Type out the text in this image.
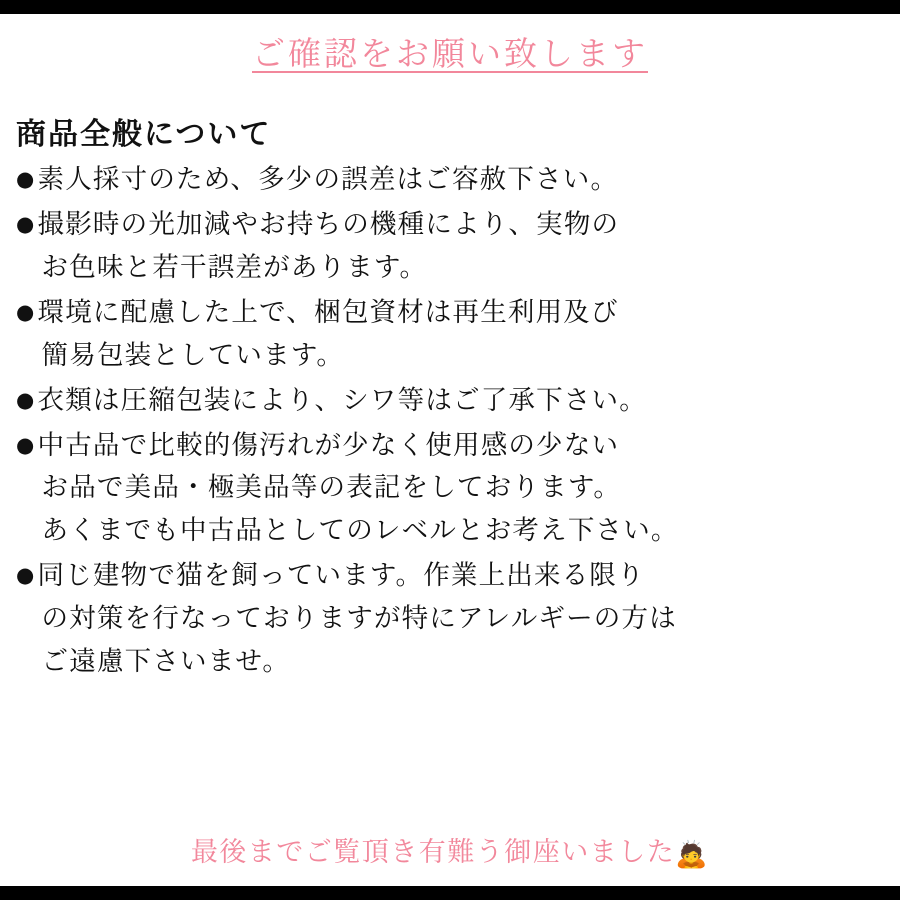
ご確認をお願い致します
商品全般について
● 素人採寸のため、多少の誤差はご容赦下さい。
● 撮影時の光加減やお持ちの機種により、実物の
お色味と若干誤差があります。
● 環境に配慮した上で、梱包資材は再生利用及び
簡易包装としています。
● 衣類は圧縮包装により、シワ等はご了承下さい。
● 中古品で比較的傷汚れが少なく使用感の少ない
お品で美品・極美品等の表記をしております。
あくまでも中古品としてのレベルとお考え下さい。
● 同じ建物で猫を飼っています。作業上出来る限り
の対策を行なっておりますが特にアレルギーの方は
ご遠慮下さいませ。
最後までご覧頂き有難う御座いました🙇
